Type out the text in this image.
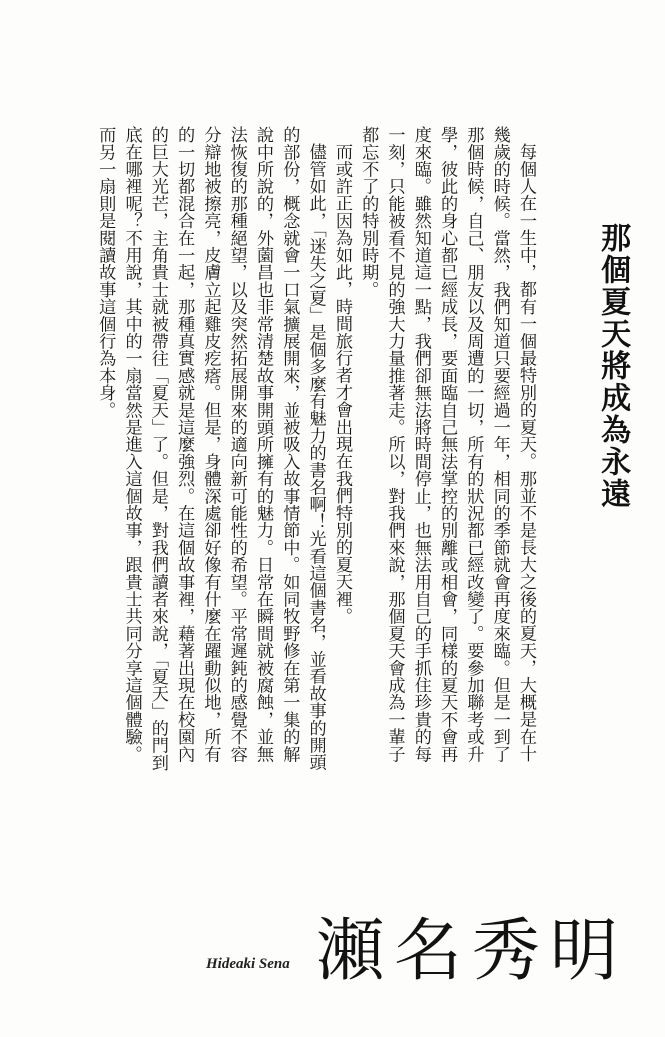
那個夏天將成為永遠

每個人在一生中，都有一個最特別的夏天。那並不是長大之後的夏天，大概是在十幾歲的時候。當然，我們知道只要經過一年，相同的季節就會再度來臨。但是一到了那個時候，自己、朋友以及周遭的一切，所有的狀況都已經改變了。要參加聯考或升學，彼此的身心都已經成長，要面臨自己無法掌控的別離或相會，同樣的夏天不會再度來臨。雖然知道這一點，我們卻無法將時間停止，也無法用自己的手抓住珍貴的每一刻，只能被看不見的強大力量推著走。所以，對我們來說，那個夏天會成為一輩子都忘不了的特別時期。

而或許正因為如此，時間旅行者才會出現在我們特別的夏天裡。

儘管如此，「迷失之夏」是個多麼有魅力的書名啊！光看這個書名，並看故事的開頭的部份，概念就會一口氣擴展開來，並被吸入故事情節中。如同牧野修在第一集的解說中所說的，外薗昌也非常清楚故事開頭所擁有的魅力。日常在瞬間就被腐蝕，並無法恢復的那種絕望，以及突然拓展開來的適向新可能性的希望。平常遲鈍的感覺不容分辯地被擦亮，皮膚立起雞皮疙瘩。但是，身體深處卻好像有什麼在躍動似地，所有的一切都混合在一起，那種真實感就是這麼強烈。在這個故事裡，藉著出現在校園內的巨大光芒，主角貴士就被帶往「夏天」了。但是，對我們讀者來說，「夏天」的門到底在哪裡呢？不用說，其中的一扇當然是進入這個故事，跟貴士共同分享這個體驗。而另一扇則是閱讀故事這個行為本身。

Hideaki Sena 瀬名秀明
